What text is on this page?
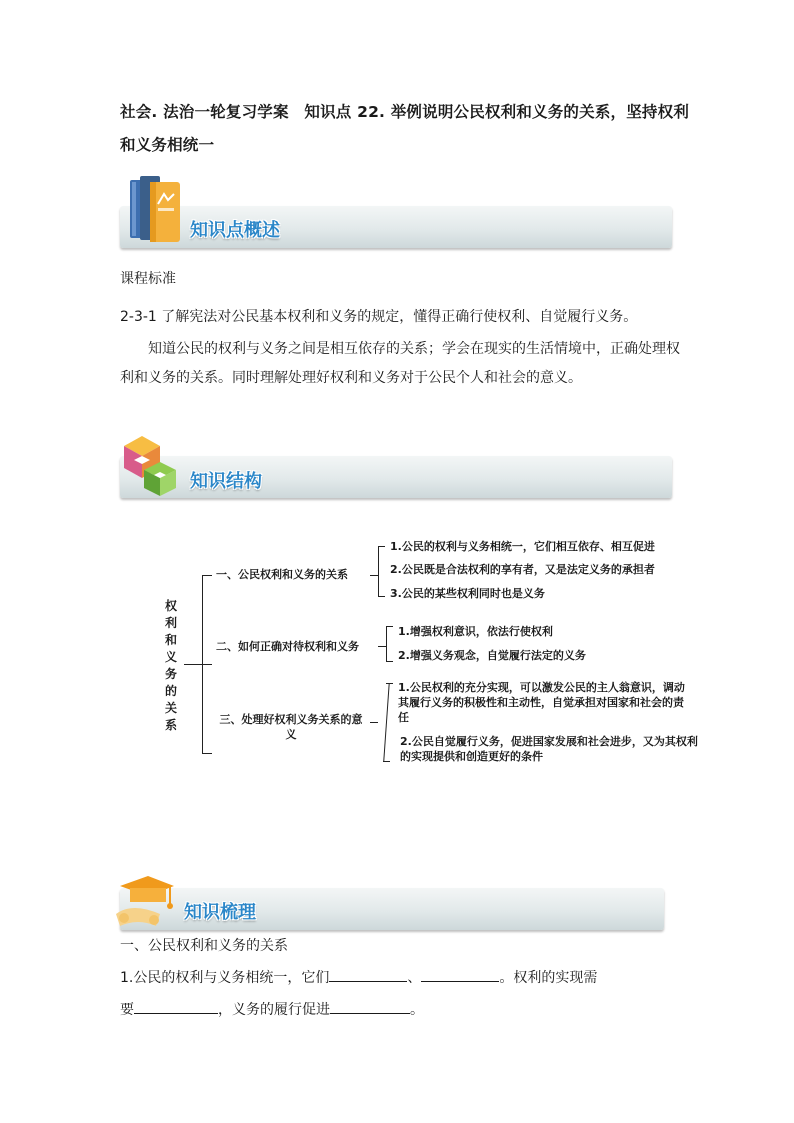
社会. 法治一轮复习学案　知识点 22. 举例说明公民权利和义务的关系，坚持权利和义务相统一
知识点概述
课程标准
2-3-1 了解宪法对公民基本权利和义务的规定，懂得正确行使权利、自觉履行义务。
知道公民的权利与义务之间是相互依存的关系；学会在现实的生活情境中，正确处理权利和义务的关系。同时理解处理好权利和义务对于公民个人和社会的意义。
知识结构
权利和义务的关系
一、公民权利和义务的关系
1.公民的权利与义务相统一，它们相互依存、相互促进
2.公民既是合法权利的享有者，又是法定义务的承担者
3.公民的某些权利同时也是义务
二、如何正确对待权利和义务
1.增强权利意识，依法行使权利
2.增强义务观念，自觉履行法定的义务
三、处理好权利义务关系的意义
1.公民权利的充分实现，可以激发公民的主人翁意识，调动其履行义务的积极性和主动性，自觉承担对国家和社会的责任
2.公民自觉履行义务，促进国家发展和社会进步，又为其权利的实现提供和创造更好的条件
知识梳理
一、公民权利和义务的关系
1.公民的权利与义务相统一，它们	、	。权利的实现需
要	，义务的履行促进	。
